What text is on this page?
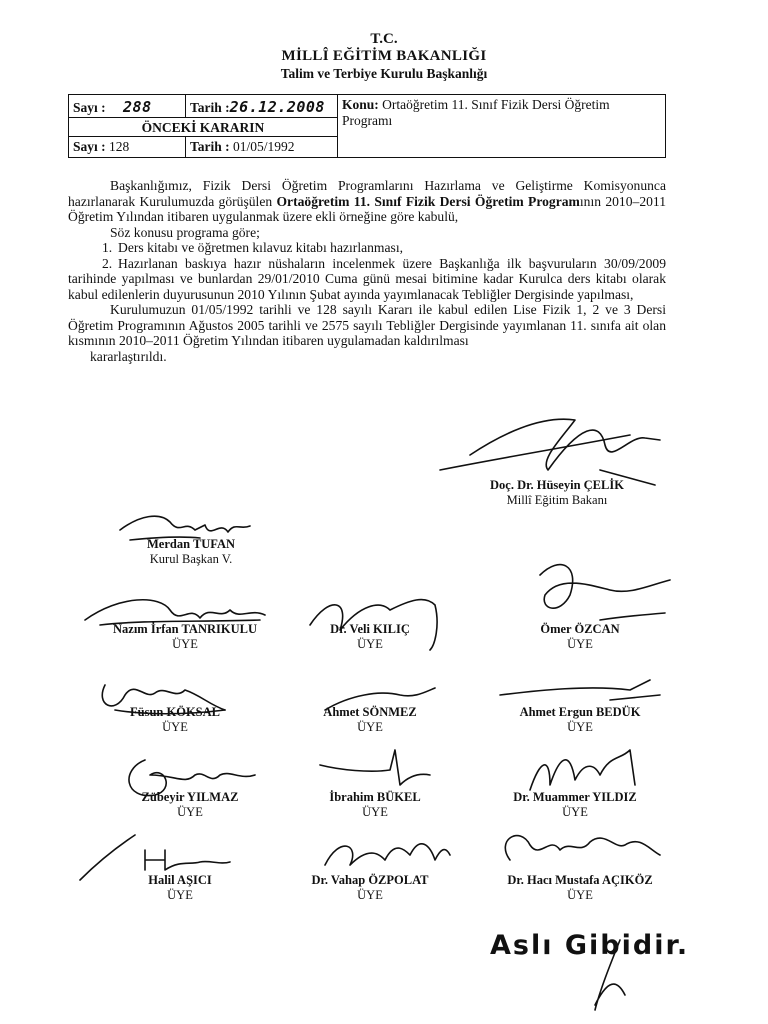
T.C.
MİLLÎ EĞİTİM BAKANLIĞI
Talim ve Terbiye Kurulu Başkanlığı
Sayı : 288	Tarih :26.12.2008
ÖNCEKİ KARARIN
Sayı : 128	Tarih : 01/05/1992
Konu: Ortaöğretim 11. Sınıf Fizik Dersi Öğretim Programı

Başkanlığımız, Fizik Dersi Öğretim Programlarını Hazırlama ve Geliştirme Komisyonunca hazırlanarak Kurulumuzda görüşülen Ortaöğretim 11. Sınıf Fizik Dersi Öğretim Programının 2010–2011 Öğretim Yılından itibaren uygulanmak üzere ekli örneğine göre kabulü,

Söz konusu programa göre;

1. Ders kitabı ve öğretmen kılavuz kitabı hazırlanması,

2. Hazırlanan baskıya hazır nüshaların incelenmek üzere Başkanlığa ilk başvuruların 30/09/2009 tarihinde yapılması ve bunlardan 29/01/2010 Cuma günü mesai bitimine kadar Kurulca ders kitabı olarak kabul edilenlerin duyurusunun 2010 Yılının Şubat ayında yayımlanacak Tebliğler Dergisinde yapılması,

Kurulumuzun 01/05/1992 tarihli ve 128 sayılı Kararı ile kabul edilen Lise Fizik 1, 2 ve 3 Dersi Öğretim Programının Ağustos 2005 tarihli ve 2575 sayılı Tebliğler Dergisinde yayımlanan 11. sınıfa ait olan kısmının 2010–2011 Öğretim Yılından itibaren uygulamadan kaldırılması

kararlaştırıldı.

Doç. Dr. Hüseyin ÇELİK
Millî Eğitim Bakanı
Merdan TUFAN
Kurul Başkan V.
Nazım İrfan TANRIKULU
ÜYE
Dr. Veli KILIÇ
ÜYE
Ömer ÖZCAN
ÜYE
Füsun KÖKSAL
ÜYE
Ahmet SÖNMEZ
ÜYE
Ahmet Ergun BEDÜK
ÜYE
Zübeyir YILMAZ
ÜYE
İbrahim BÜKEL
ÜYE
Dr. Muammer YILDIZ
ÜYE
Halil AŞICI
ÜYE
Dr. Vahap ÖZPOLAT
ÜYE
Dr. Hacı Mustafa AÇIKÖZ
ÜYE
Aslı Gibidir.
